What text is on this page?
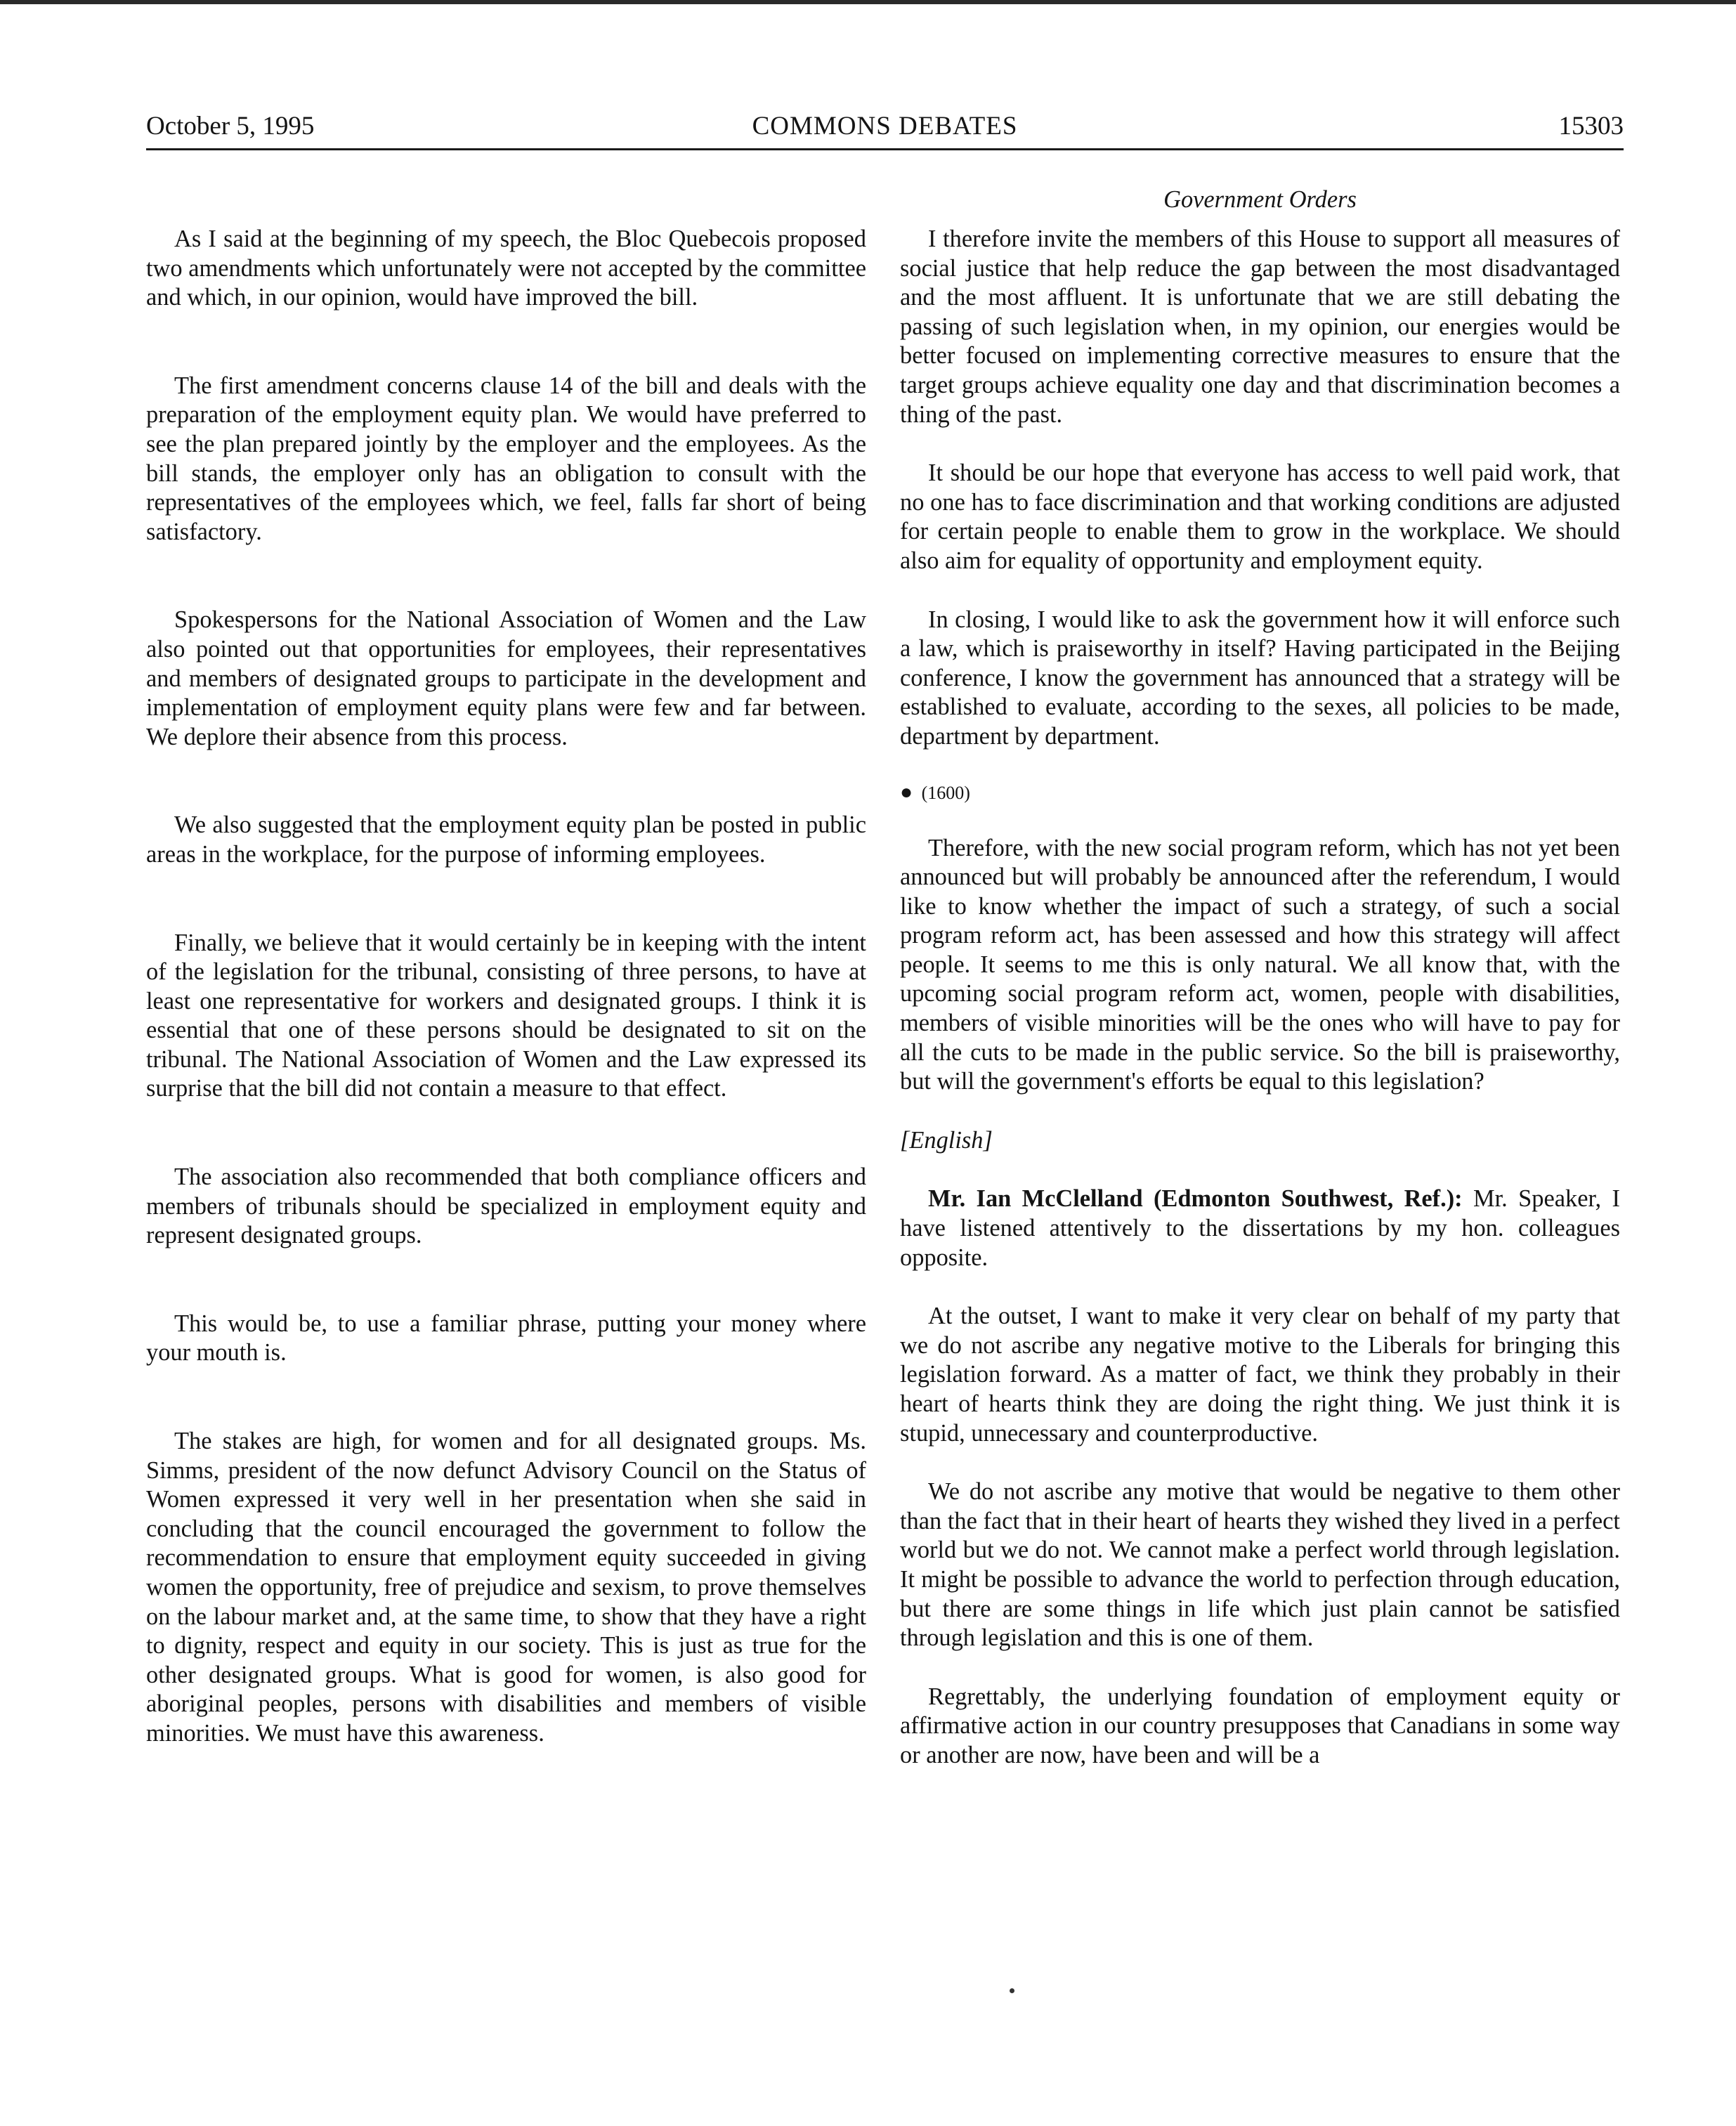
October 5, 1995	COMMONS DEBATES	15303
Government Orders

As I said at the beginning of my speech, the Bloc Quebecois proposed two amendments which unfortunately were not accepted by the committee and which, in our opinion, would have improved the bill.

The first amendment concerns clause 14 of the bill and deals with the preparation of the employment equity plan. We would have preferred to see the plan prepared jointly by the employer and the employees. As the bill stands, the employer only has an obligation to consult with the representatives of the employees which, we feel, falls far short of being satisfactory.

Spokespersons for the National Association of Women and the Law also pointed out that opportunities for employees, their representatives and members of designated groups to participate in the development and implementation of employment equity plans were few and far between. We deplore their absence from this process.

We also suggested that the employment equity plan be posted in public areas in the workplace, for the purpose of informing employees.

Finally, we believe that it would certainly be in keeping with the intent of the legislation for the tribunal, consisting of three persons, to have at least one representative for workers and designated groups. I think it is essential that one of these persons should be designated to sit on the tribunal. The National Association of Women and the Law expressed its surprise that the bill did not contain a measure to that effect.

The association also recommended that both compliance officers and members of tribunals should be specialized in employment equity and represent designated groups.

This would be, to use a familiar phrase, putting your money where your mouth is.

The stakes are high, for women and for all designated groups. Ms. Simms, president of the now defunct Advisory Council on the Status of Women expressed it very well in her presentation when she said in concluding that the council encouraged the government to follow the recommendation to ensure that employment equity succeeded in giving women the opportunity, free of prejudice and sexism, to prove themselves on the labour market and, at the same time, to show that they have a right to dignity, respect and equity in our society. This is just as true for the other designated groups. What is good for women, is also good for aboriginal peoples, persons with disabilities and members of visible minorities. We must have this awareness.

I therefore invite the members of this House to support all measures of social justice that help reduce the gap between the most disadvantaged and the most affluent. It is unfortunate that we are still debating the passing of such legislation when, in my opinion, our energies would be better focused on implementing corrective measures to ensure that the target groups achieve equality one day and that discrimination becomes a thing of the past.

It should be our hope that everyone has access to well paid work, that no one has to face discrimination and that working conditions are adjusted for certain people to enable them to grow in the workplace. We should also aim for equality of opportunity and employment equity.

In closing, I would like to ask the government how it will enforce such a law, which is praiseworthy in itself? Having participated in the Beijing conference, I know the government has announced that a strategy will be established to evaluate, according to the sexes, all policies to be made, department by department.

● (1600)

Therefore, with the new social program reform, which has not yet been announced but will probably be announced after the referendum, I would like to know whether the impact of such a strategy, of such a social program reform act, has been assessed and how this strategy will affect people. It seems to me this is only natural. We all know that, with the upcoming social program reform act, women, people with disabilities, members of visible minorities will be the ones who will have to pay for all the cuts to be made in the public service. So the bill is praiseworthy, but will the government's efforts be equal to this legislation?

[English]

Mr. Ian McClelland (Edmonton Southwest, Ref.): Mr. Speaker, I have listened attentively to the dissertations by my hon. colleagues opposite.

At the outset, I want to make it very clear on behalf of my party that we do not ascribe any negative motive to the Liberals for bringing this legislation forward. As a matter of fact, we think they probably in their heart of hearts think they are doing the right thing. We just think it is stupid, unnecessary and counterproductive.

We do not ascribe any motive that would be negative to them other than the fact that in their heart of hearts they wished they lived in a perfect world but we do not. We cannot make a perfect world through legislation. It might be possible to advance the world to perfection through education, but there are some things in life which just plain cannot be satisfied through legislation and this is one of them.

Regrettably, the underlying foundation of employment equity or affirmative action in our country presupposes that Canadians in some way or another are now, have been and will be a
